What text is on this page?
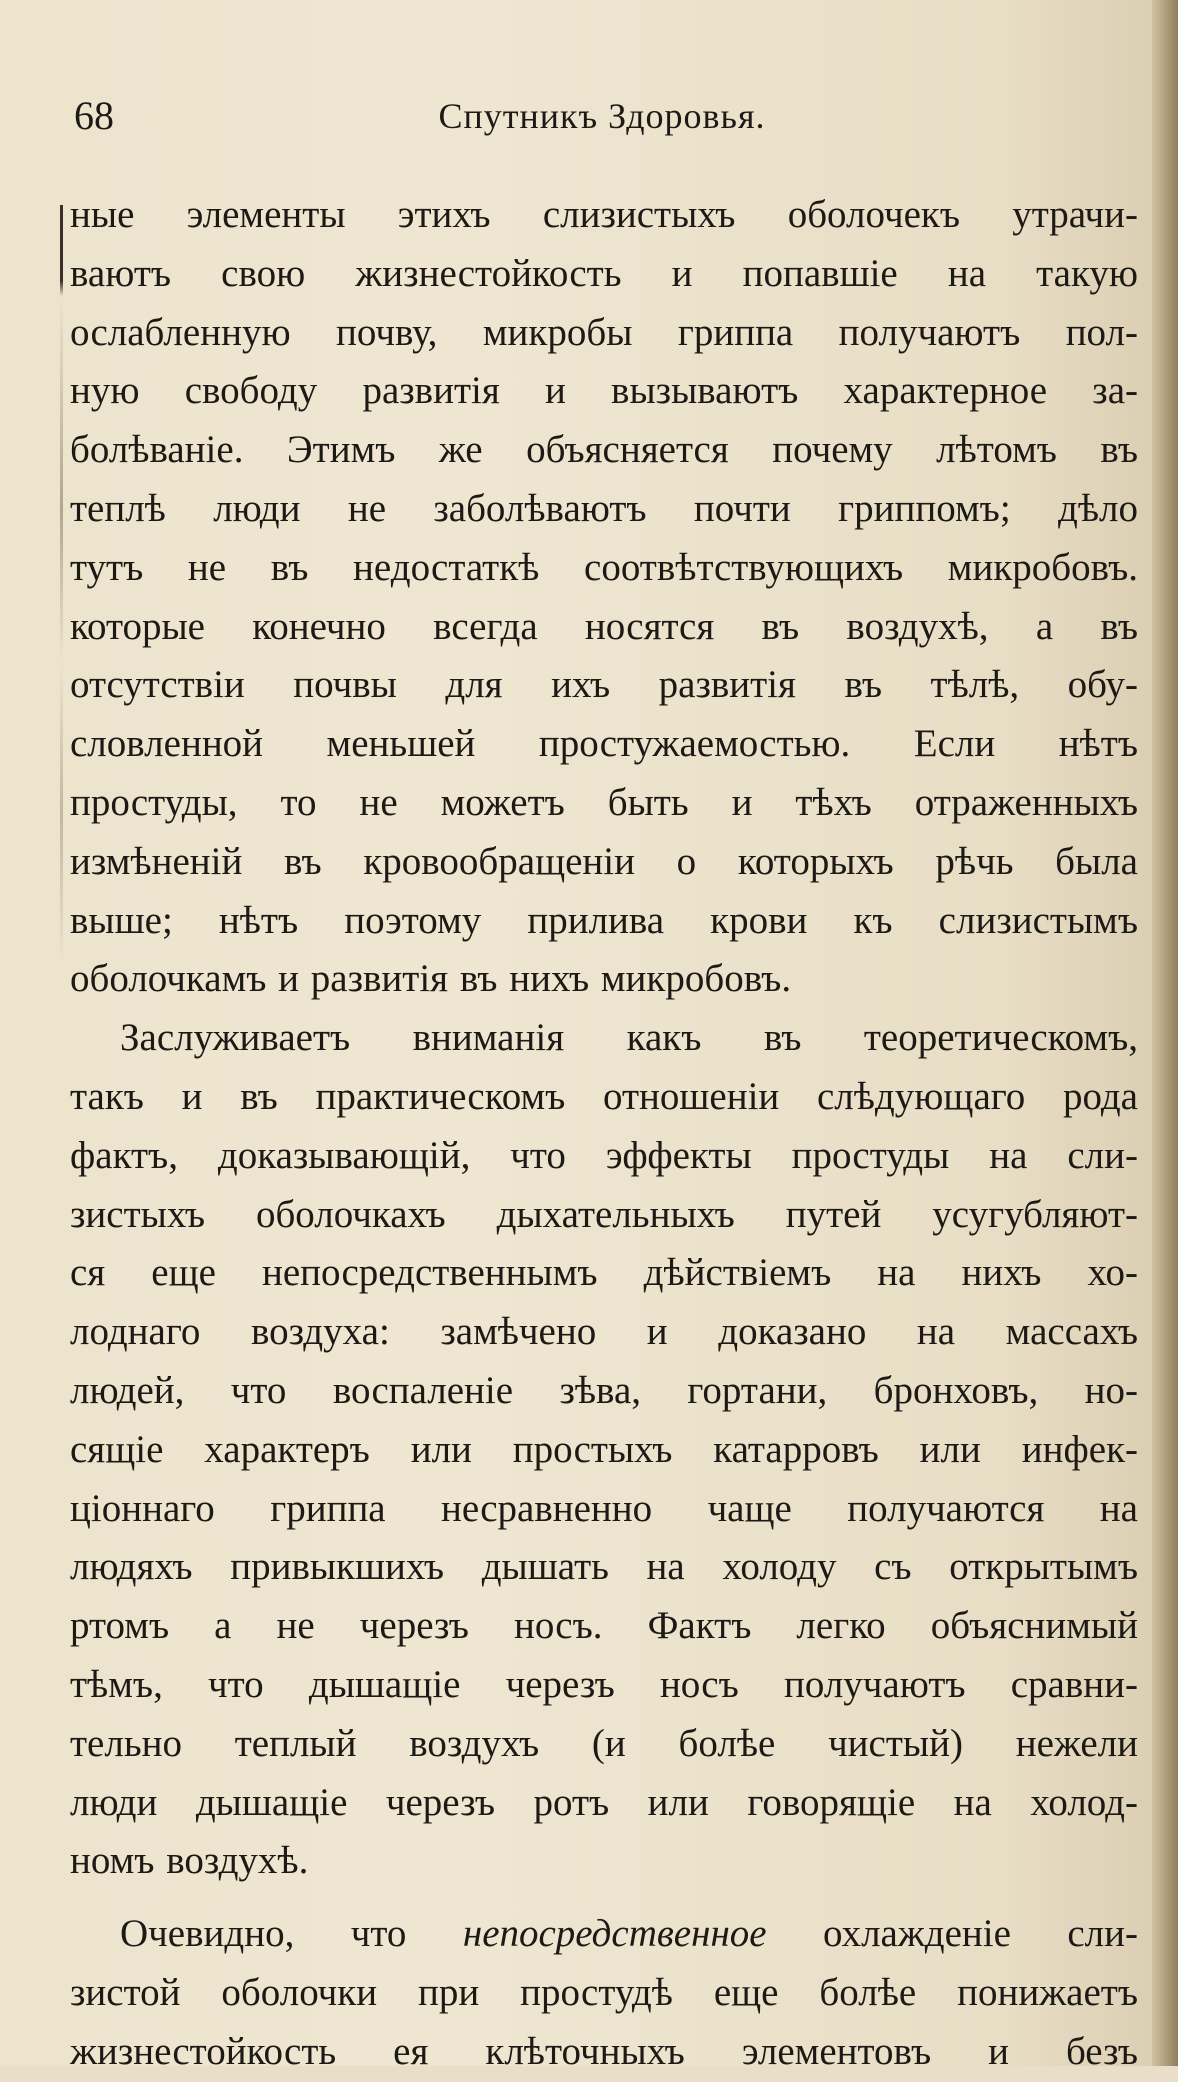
68	Спутникъ Здоровья.
ные элементы этихъ слизистыхъ оболочекъ утрачи-
ваютъ свою жизнестойкость и попавшіе на такую
ослабленную почву, микробы гриппа получаютъ пол-
ную свободу развитія и вызываютъ характерное за-
болѣваніе. Этимъ же объясняется почему лѣтомъ въ
теплѣ люди не заболѣваютъ почти гриппомъ; дѣло
тутъ не въ недостаткѣ соотвѣтствующихъ микробовъ.
которые конечно всегда носятся въ воздухѣ, а въ
отсутствіи почвы для ихъ развитія въ тѣлѣ, обу-
словленной меньшей простужаемостью. Если нѣтъ
простуды, то не можетъ быть и тѣхъ отраженныхъ
измѣненій въ кровообращеніи о которыхъ рѣчь была
выше; нѣтъ поэтому прилива крови къ слизистымъ
оболочкамъ и развитія въ нихъ микробовъ.
Заслуживаетъ вниманія какъ въ теоретическомъ,
такъ и въ практическомъ отношеніи слѣдующаго рода
фактъ, доказывающій, что эффекты простуды на сли-
зистыхъ оболочкахъ дыхательныхъ путей усугубляют-
ся еще непосредственнымъ дѣйствіемъ на нихъ хо-
лоднаго воздуха: замѣчено и доказано на массахъ
людей, что воспаленіе зѣва, гортани, бронховъ, но-
сящіе характеръ или простыхъ катарровъ или инфек-
ціоннаго гриппа несравненно чаще получаются на
людяхъ привыкшихъ дышать на холоду съ открытымъ
ртомъ а не черезъ носъ. Фактъ легко объяснимый
тѣмъ, что дышащіе черезъ носъ получаютъ сравни-
тельно теплый воздухъ (и болѣе чистый) нежели
люди дышащіе черезъ ротъ или говорящіе на холод-
номъ воздухѣ.
Очевидно, что непосредственное охлажденіе сли-
зистой оболочки при простудѣ еще болѣе понижаетъ
жизнестойкость ея клѣточныхъ элементовъ и безъ
